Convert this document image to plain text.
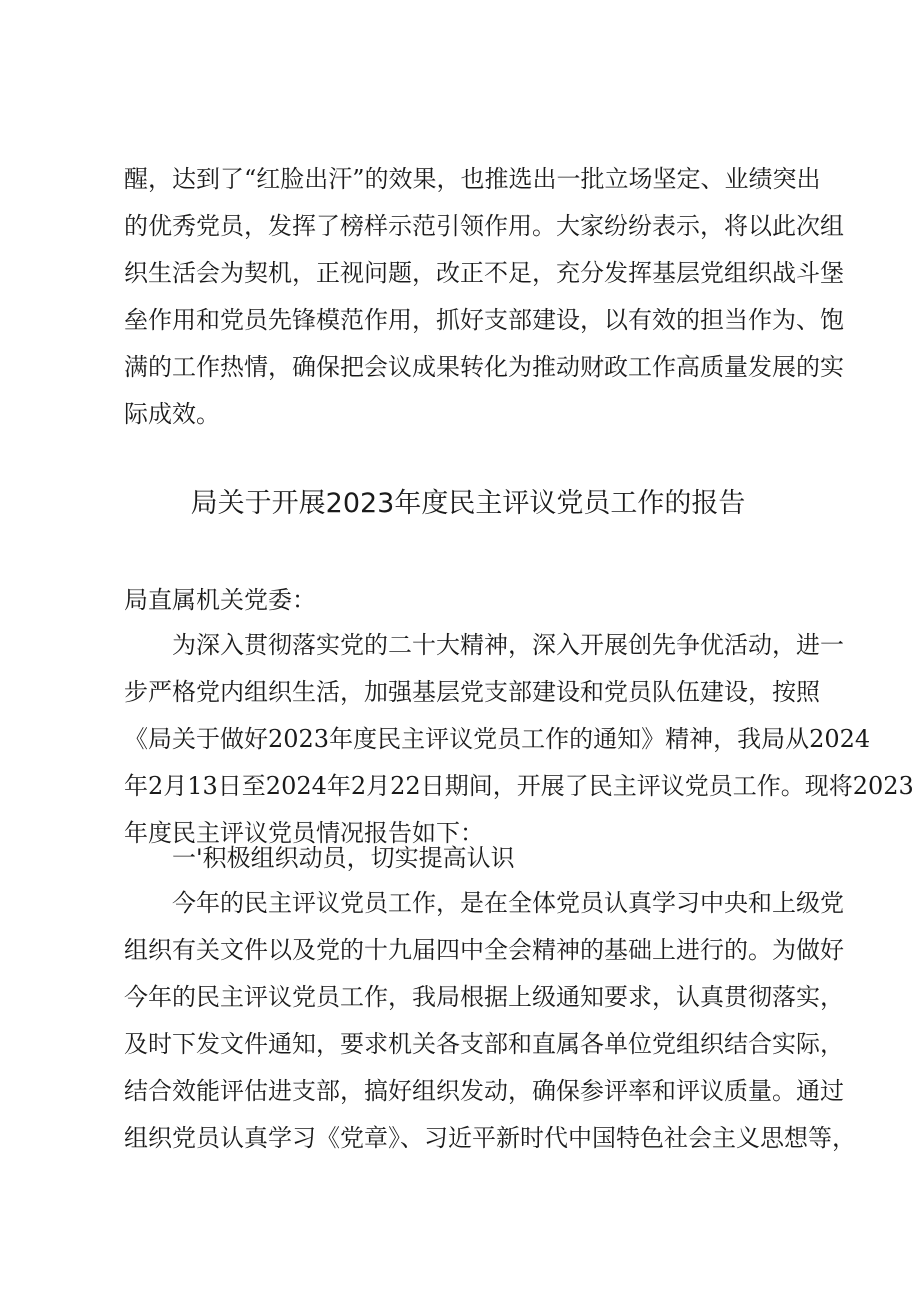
醒，达到了“红脸出汗”的效果，也推选出一批立场坚定、业绩突出
的优秀党员，发挥了榜样示范引领作用。大家纷纷表示，将以此次组
织生活会为契机，正视问题，改正不足，充分发挥基层党组织战斗堡
垒作用和党员先锋模范作用，抓好支部建设，以有效的担当作为、饱
满的工作热情，确保把会议成果转化为推动财政工作高质量发展的实
际成效。
局关于开展2023年度民主评议党员工作的报告
局直属机关党委：
为深入贯彻落实党的二十大精神，深入开展创先争优活动，进一
步严格党内组织生活，加强基层党支部建设和党员队伍建设，按照
《局关于做好2023年度民主评议党员工作的通知》精神，我局从2024
年2月13日至2024年2月22日期间，开展了民主评议党员工作。现将2023
年度民主评议党员情况报告如下：
一'积极组织动员，切实提高认识
今年的民主评议党员工作，是在全体党员认真学习中央和上级党
组织有关文件以及党的十九届四中全会精神的基础上进行的。为做好
今年的民主评议党员工作，我局根据上级通知要求，认真贯彻落实，
及时下发文件通知，要求机关各支部和直属各单位党组织结合实际，
结合效能评估进支部，搞好组织发动，确保参评率和评议质量。通过
组织党员认真学习《党章》、习近平新时代中国特色社会主义思想等，
